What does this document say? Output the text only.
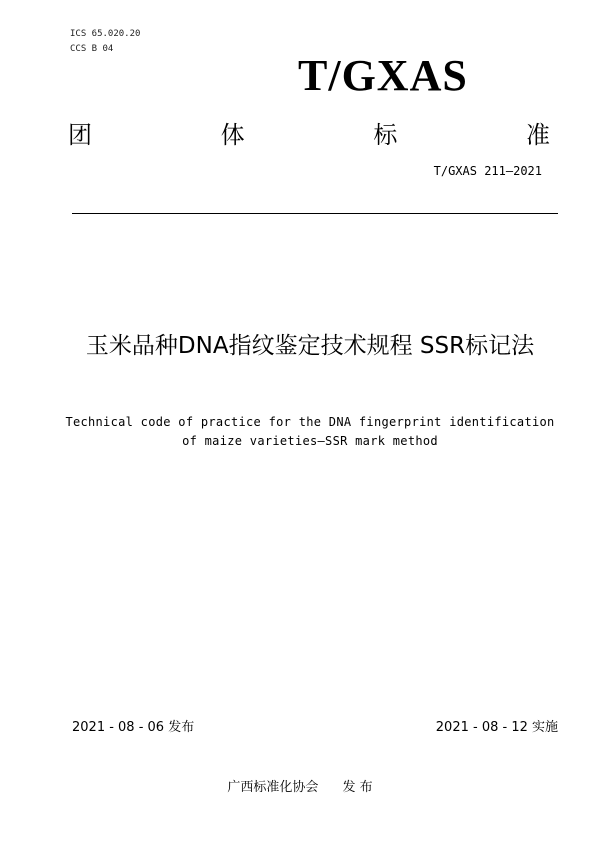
ICS 65.020.20
CCS B 04
T/GXAS
团	体	标	准
T/GXAS 211—2021
玉米品种DNA指纹鉴定技术规程 SSR标记法
Technical code of practice for the DNA fingerprint identification of maize varieties—SSR mark method
2021 - 08 - 06 发布	2021 - 08 - 12 实施
广西标准化协会 发 布
